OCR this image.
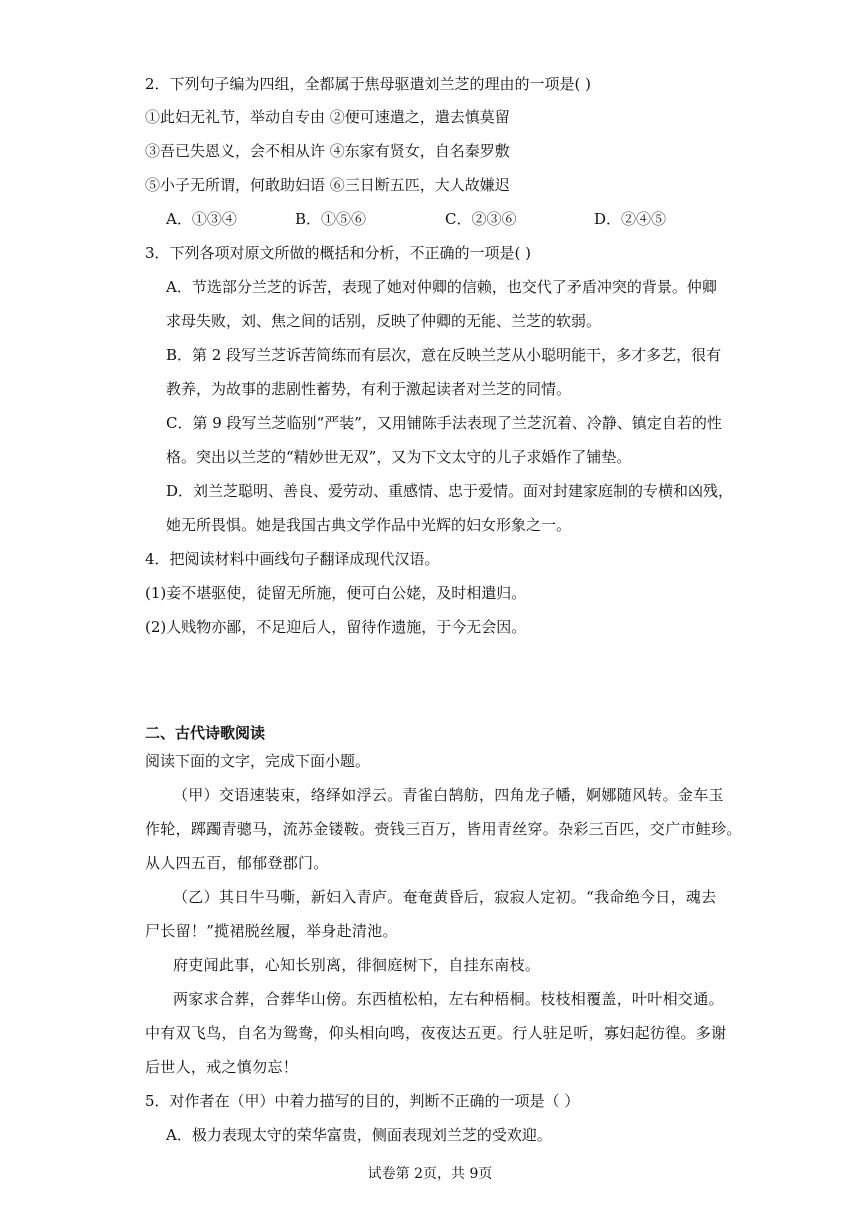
2．下列句子编为四组，全都属于焦母驱遣刘兰芝的理由的一项是( )
①此妇无礼节，举动自专由 ②便可速遣之，遣去慎莫留
③吾已失恩义，会不相从许 ④东家有贤女，自名秦罗敷
⑤小子无所谓，何敢助妇语 ⑥三日断五匹，大人故嫌迟
A．①③④	B．①⑤⑥	C．②③⑥	D．②④⑤
3．下列各项对原文所做的概括和分析，不正确的一项是( )
A．节选部分兰芝的诉苦，表现了她对仲卿的信赖，也交代了矛盾冲突的背景。仲卿
求母失败，刘、焦之间的话别，反映了仲卿的无能、兰芝的软弱。
B．第 2 段写兰芝诉苦简练而有层次，意在反映兰芝从小聪明能干，多才多艺，很有
教养，为故事的悲剧性蓄势，有利于激起读者对兰芝的同情。
C．第 9 段写兰芝临别“严装”，又用铺陈手法表现了兰芝沉着、冷静、镇定自若的性
格。突出以兰芝的“精妙世无双”，又为下文太守的儿子求婚作了铺垫。
D．刘兰芝聪明、善良、爱劳动、重感情、忠于爱情。面对封建家庭制的专横和凶残，
她无所畏惧。她是我国古典文学作品中光辉的妇女形象之一。
4．把阅读材料中画线句子翻译成现代汉语。
(1)妾不堪驱使，徒留无所施，便可白公姥，及时相遣归。
(2)人贱物亦鄙，不足迎后人，留待作遗施，于今无会因。
二、古代诗歌阅读
阅读下面的文字，完成下面小题。
（甲）交语速装束，络绎如浮云。青雀白鹄舫，四角龙子幡，婀娜随风转。金车玉
作轮，踯躅青骢马，流苏金镂鞍。赍钱三百万，皆用青丝穿。杂彩三百匹，交广市鲑珍。
从人四五百，郁郁登郡门。
（乙）其日牛马嘶，新妇入青庐。奄奄黄昏后，寂寂人定初。“我命绝今日，魂去
尸长留！”揽裙脱丝履，举身赴清池。
府吏闻此事，心知长别离，徘徊庭树下，自挂东南枝。
两家求合葬，合葬华山傍。东西植松柏，左右种梧桐。枝枝相覆盖，叶叶相交通。
中有双飞鸟，自名为鸳鸯，仰头相向鸣，夜夜达五更。行人驻足听，寡妇起彷徨。多谢
后世人，戒之慎勿忘！
5．对作者在（甲）中着力描写的目的，判断不正确的一项是（ ）
A．极力表现太守的荣华富贵，侧面表现刘兰芝的受欢迎。
试卷第 2页，共 9页
